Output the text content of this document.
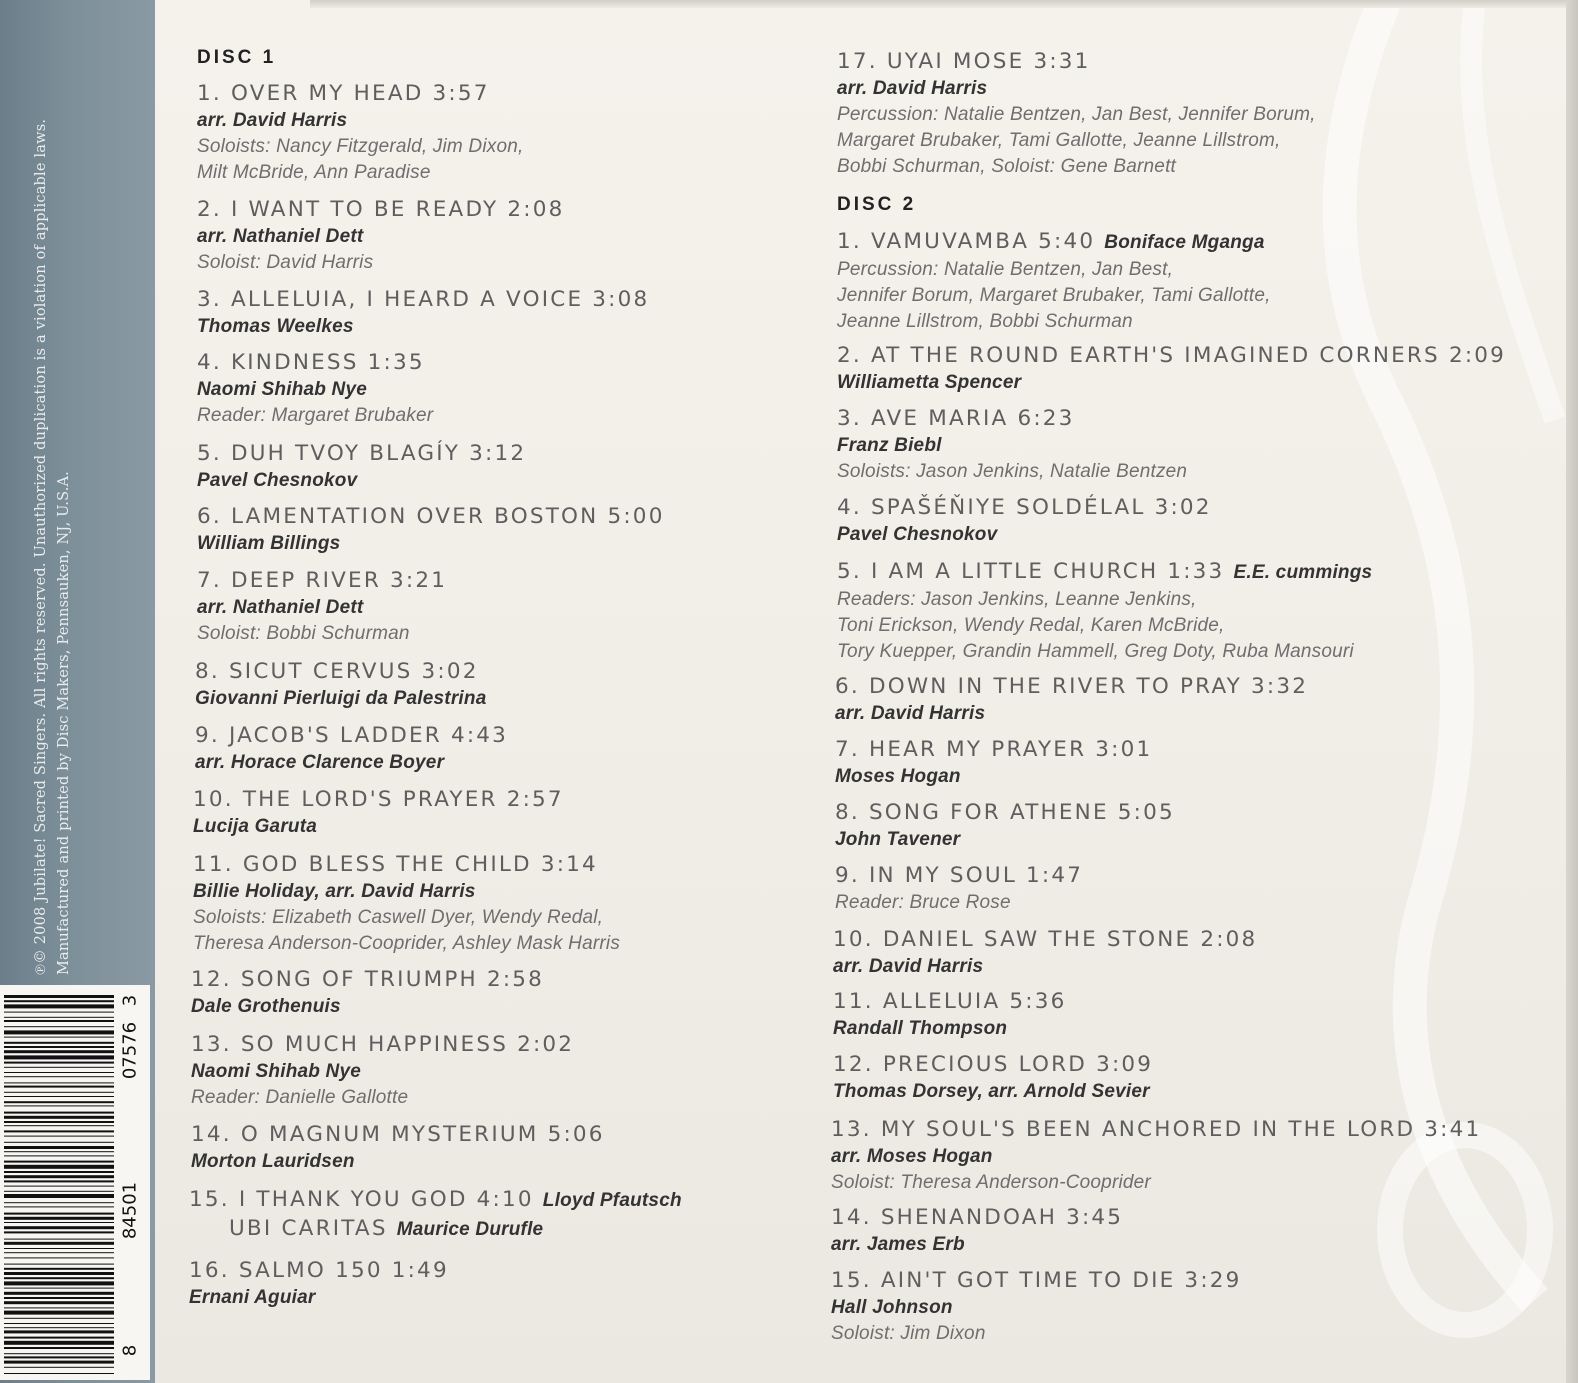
℗© 2008 Jubilate! Sacred Singers. All rights reserved. Unauthorized duplication is a violation of applicable laws. Manufactured and printed by Disc Makers, Pennsauken, NJ, U.S.A.
8
84501
07576
3
DISC 1
1. OVER MY HEAD 3:57
arr. David Harris
Soloists: Nancy Fitzgerald, Jim Dixon,
Milt McBride, Ann Paradise
2. I WANT TO BE READY 2:08
arr. Nathaniel Dett
Soloist: David Harris
3. ALLELUIA, I HEARD A VOICE 3:08
Thomas Weelkes
4. KINDNESS 1:35
Naomi Shihab Nye
Reader: Margaret Brubaker
5. DUH TVOY BLAGÍY 3:12
Pavel Chesnokov
6. LAMENTATION OVER BOSTON 5:00
William Billings
7. DEEP RIVER 3:21
arr. Nathaniel Dett
Soloist: Bobbi Schurman
8. SICUT CERVUS 3:02
Giovanni Pierluigi da Palestrina
9. JACOB'S LADDER 4:43
arr. Horace Clarence Boyer
10. THE LORD'S PRAYER 2:57
Lucija Garuta
11. GOD BLESS THE CHILD 3:14
Billie Holiday, arr. David Harris
Soloists: Elizabeth Caswell Dyer, Wendy Redal,
Theresa Anderson-Cooprider, Ashley Mask Harris
12. SONG OF TRIUMPH 2:58
Dale Grothenuis
13. SO MUCH HAPPINESS 2:02
Naomi Shihab Nye
Reader: Danielle Gallotte
14. O MAGNUM MYSTERIUM 5:06
Morton Lauridsen
15. I THANK YOU GOD 4:10 Lloyd Pfautsch
UBI CARITAS Maurice Durufle
16. SALMO 150 1:49
Ernani Aguiar
17. UYAI MOSE 3:31
arr. David Harris
Percussion: Natalie Bentzen, Jan Best, Jennifer Borum,
Margaret Brubaker, Tami Gallotte, Jeanne Lillstrom,
Bobbi Schurman, Soloist: Gene Barnett
DISC 2
1. VAMUVAMBA 5:40 Boniface Mganga
Percussion: Natalie Bentzen, Jan Best,
Jennifer Borum, Margaret Brubaker, Tami Gallotte,
Jeanne Lillstrom, Bobbi Schurman
2. AT THE ROUND EARTH'S IMAGINED CORNERS 2:09
Williametta Spencer
3. AVE MARIA 6:23
Franz Biebl
Soloists: Jason Jenkins, Natalie Bentzen
4. SPAŠÉŇIYE SOLDÉLAL 3:02
Pavel Chesnokov
5. I AM A LITTLE CHURCH 1:33 E.E. cummings
Readers: Jason Jenkins, Leanne Jenkins,
Toni Erickson, Wendy Redal, Karen McBride,
Tory Kuepper, Grandin Hammell, Greg Doty, Ruba Mansouri
6. DOWN IN THE RIVER TO PRAY 3:32
arr. David Harris
7. HEAR MY PRAYER 3:01
Moses Hogan
8. SONG FOR ATHENE 5:05
John Tavener
9. IN MY SOUL 1:47
Reader: Bruce Rose
10. DANIEL SAW THE STONE 2:08
arr. David Harris
11. ALLELUIA 5:36
Randall Thompson
12. PRECIOUS LORD 3:09
Thomas Dorsey, arr. Arnold Sevier
13. MY SOUL'S BEEN ANCHORED IN THE LORD 3:41
arr. Moses Hogan
Soloist: Theresa Anderson-Cooprider
14. SHENANDOAH 3:45
arr. James Erb
15. AIN'T GOT TIME TO DIE 3:29
Hall Johnson
Soloist: Jim Dixon
